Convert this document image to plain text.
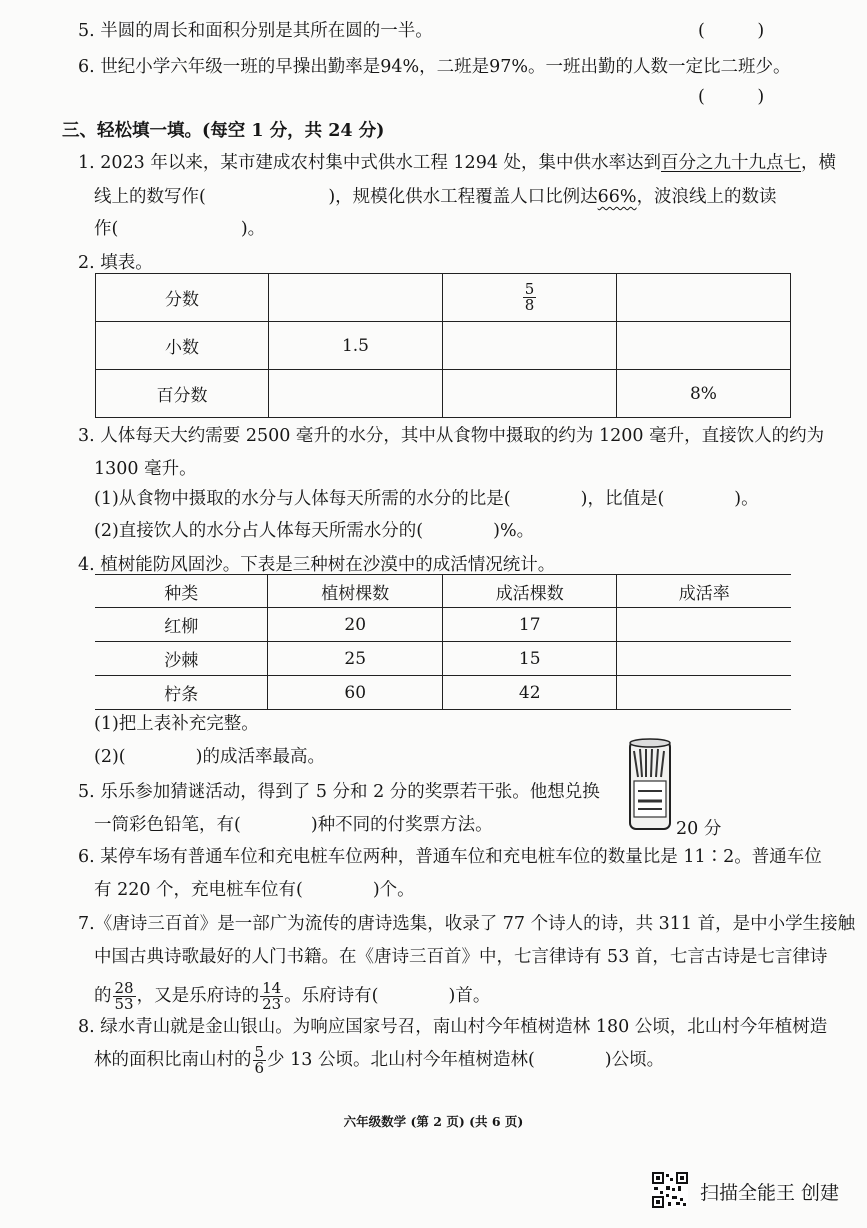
5. 半圆的周长和面积分别是其所在圆的一半。	(　　　)
6. 世纪小学六年级一班的早操出勤率是94%，二班是97%。一班出勤的人数一定比二班少。
(　　　)
三、轻松填一填。(每空 1 分，共 24 分)
1. 2023 年以来，某市建成农村集中式供水工程 1294 处，集中供水率达到百分之九十九点七，横
线上的数写作(　　　　　　　)，规模化供水工程覆盖人口比例达66%，波浪线上的数读
作(　　　　　　　)。
2. 填表。
分数		$\frac{5}{8}$

小数	1.5		
百分数			8%
3. 人体每天大约需要 2500 毫升的水分，其中从食物中摄取的约为 1200 毫升，直接饮人的约为
1300 毫升。
(1)从食物中摄取的水分与人体每天所需的水分的比是(　　　　)，比值是(　　　　)。
(2)直接饮人的水分占人体每天所需水分的(　　　　)%。
4. 植树能防风固沙。下表是三种树在沙漠中的成活情况统计。
种类	植树棵数	成活棵数	成活率
红柳	20	17	
沙棘	25	15	
柠条	60	42	
(1)把上表补充完整。
(2)(　　　　)的成活率最高。
5. 乐乐参加猜谜活动，得到了 5 分和 2 分的奖票若干张。他想兑换
一筒彩色铅笔，有(　　　　)种不同的付奖票方法。	20 分
6. 某停车场有普通车位和充电桩车位两种，普通车位和充电桩车位的数量比是 11∶2。普通车位
有 220 个，充电桩车位有(　　　　)个。
7.《唐诗三百首》是一部广为流传的唐诗选集，收录了 77 个诗人的诗，共 311 首，是中小学生接触
中国古典诗歌最好的人门书籍。在《唐诗三百首》中，七言律诗有 53 首，七言古诗是七言律诗
的 $\frac{28}{53}$ ，又是乐府诗的 $\frac{14}{23}$ 。乐府诗有(　　　　)首。
8. 绿水青山就是金山银山。为响应国家号召，南山村今年植树造林 180 公顷，北山村今年植树造
林的面积比南山村的 $\frac{5}{6}$ 少 13 公顷。北山村今年植树造林(　　　　)公顷。
六年级数学 (第 2 页) (共 6 页)
扫描全能王 创建
